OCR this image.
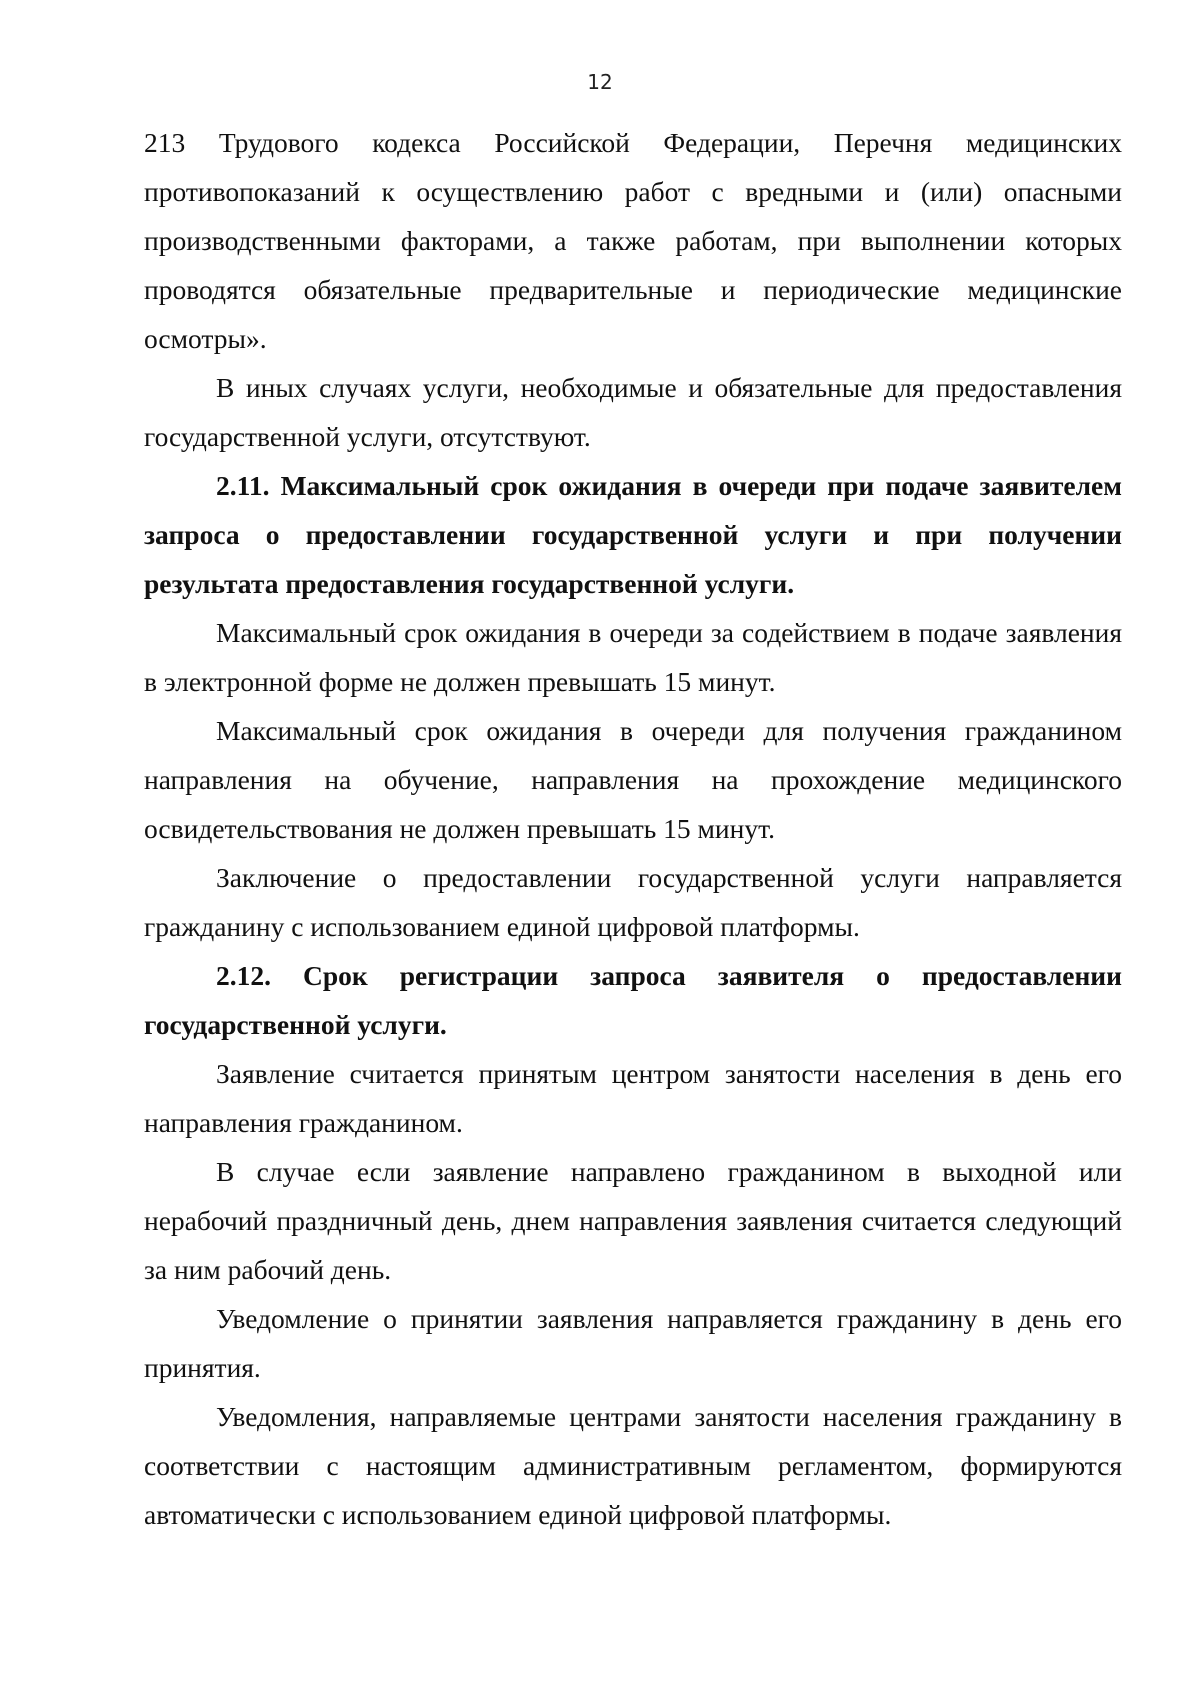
12

213 Трудового кодекса Российской Федерации, Перечня медицинских противопоказаний к осуществлению работ с вредными и (или) опасными производственными факторами, а также работам, при выполнении которых проводятся обязательные предварительные и периодические медицинские осмотры».

В иных случаях услуги, необходимые и обязательные для предоставления государственной услуги, отсутствуют.

2.11. Максимальный срок ожидания в очереди при подаче заявителем запроса о предоставлении государственной услуги и при получении результата предоставления государственной услуги.

Максимальный срок ожидания в очереди за содействием в подаче заявления в электронной форме не должен превышать 15 минут.

Максимальный срок ожидания в очереди для получения гражданином направления на обучение, направления на прохождение медицинского освидетельствования не должен превышать 15 минут.

Заключение о предоставлении государственной услуги направляется гражданину с использованием единой цифровой платформы.

2.12. Срок регистрации запроса заявителя о предоставлении государственной услуги.

Заявление считается принятым центром занятости населения в день его направления гражданином.

В случае если заявление направлено гражданином в выходной или нерабочий праздничный день, днем направления заявления считается следующий за ним рабочий день.

Уведомление о принятии заявления направляется гражданину в день его принятия.

Уведомления, направляемые центрами занятости населения гражданину в соответствии с настоящим административным регламентом, формируются автоматически с использованием единой цифровой платформы.
